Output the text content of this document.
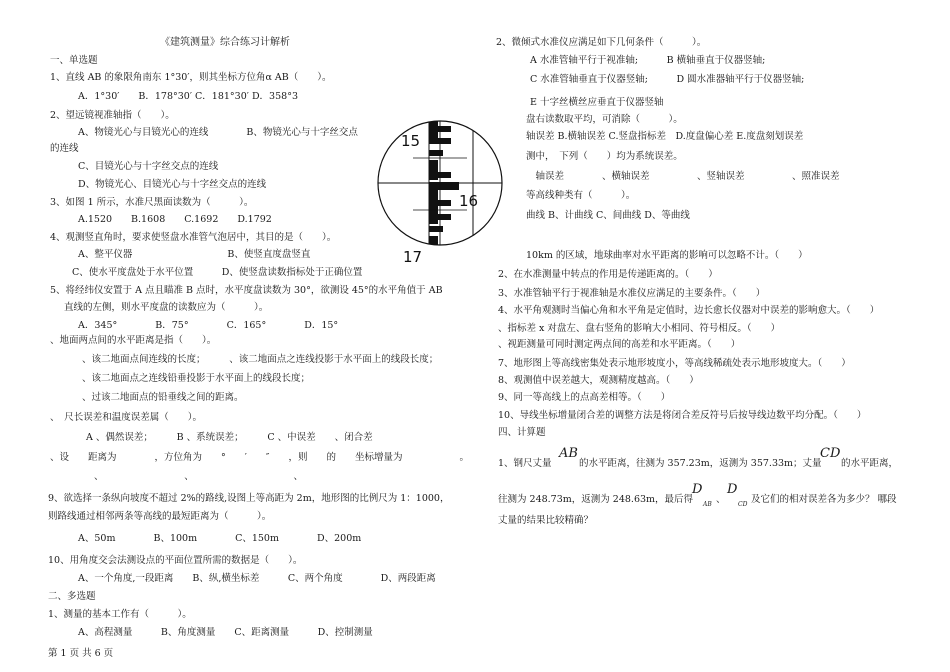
《建筑测量》综合练习计解析
一、单选题
1、直线 AB 的象限角南东 1°30′，则其坐标方位角α AB（　　）。
A．1°30′　　B．178°30′ C．181°30′ D．358°3
2、望远镜视准轴指（　　）。
A、物镜光心与目镜光心的连线　　　　B、物镜光心与十字丝交点
的连线
C、目镜光心与十字丝交点的连线
D、物镜光心、目镜光心与十字丝交点的连线
3、如图 1 所示，水准尺黑面读数为（　　　）。
A.1520　　B.1608　　C.1692　　D.1792
4、观测竖直角时，要求使竖盘水准管气泡居中，其目的是（　　）。
A、整平仪器　　　　　　　　　　B、使竖直度盘竖直
C、使水平度盘处于水平位置　　　D、使竖盘读数指标处于正确位置
5、将经纬仪安置于 A 点且瞄准 B 点时，水平度盘读数为 30°，欲测设 45°的水平角值于 AB
直线的左侧，则水平度盘的读数应为（　　　）。
A．345°　　　　B．75°　　　　C．165°　　　　D．15°
、地面两点间的水平距离是指（　　）。
、该二地面点间连线的长度；　　　、该二地面点之连线投影于水平面上的线段长度；
、该二地面点之连线铅垂投影于水平面上的线段长度；
、过该二地面点的铅垂线之间的距离。
、　尺长误差和温度误差属（　　）。
A 、偶然误差；　　　B 、系统误差；　　　C 、中误差　　、闭合差
、设　　距离为　　　　，方位角为　　°　　′　　″　　，则　　的　　坐标增量为　　　　　　。
、　　　　　　　　　、　　　　　　　　　　　、
9、欲选择一条纵向坡度不超过 2%的路线,设图上等高距为 2m，地形图的比例尺为 1：1000，
则路线通过相邻两条等高线的最短距离为（　　　）。
A、50m　　　　B、100m　　　　C、150m　　　　D、200m
10、用角度交会法测设点的平面位置所需的数据是（　　）。
A、一个角度,一段距离　　B、纵,横坐标差　　　C、两个角度　　　　D、两段距离
二、多选题
1、测量的基本工作有（　　　）。
A、高程测量　　　B、角度测量　　C、距离测量　　　D、控制测量
第 1 页 共 6 页
15
16
17
2、微倾式水准仪应满足如下几何条件（　　　）。
A 水准管轴平行于视准轴;　　　B 横轴垂直于仪器竖轴;
C 水准管轴垂直于仪器竖轴;　　　D 圆水准器轴平行于仪器竖轴;
E 十字丝横丝应垂直于仪器竖轴
盘右读数取平均，可消除（　　　）。
轴误差 B.横轴误差 C.竖盘指标差　D.度盘偏心差 E.度盘刻划误差
测中，　下列（　　）均为系统误差。
　轴误差　　　　、横轴误差　　　　　、竖轴误差　　　　　、照准误差
等高线种类有（　　　）。
曲线 B、计曲线 C、间曲线 D、等曲线
10km 的区域，地球曲率对水平距离的影响可以忽略不计。（　　）
2、在水准测量中转点的作用是传递距离的。（　　）
3、水准管轴平行于视准轴是水准仪应满足的主要条件。（　　）
4、水平角观测时当偏心角和水平角是定值时，边长愈长仪器对中误差的影响愈大。（　　）
、指标差 x 对盘左、盘右竖角的影响大小相同、符号相反。（　　）
、视距测量可同时测定两点间的高差和水平距离。（　　）
7、地形图上等高线密集处表示地形坡度小，等高线稀疏处表示地形坡度大。（　　）
8、观测值中误差越大，观测精度越高。（　　）
9、同一等高线上的点高差相等。（　　）
10、导线坐标增量闭合差的调整方法是将闭合差反符号后按导线边数平均分配。（　　）
四、计算题
1、钢尺丈量
AB
的水平距离，往测为 357.23m，返测为 357.33m；丈量
CD
的水平距离，
往测为 248.73m，返测为 248.63m，最后得
D
AB 、
D
CD 及它们的相对误差各为多少？ 哪段
丈量的结果比较精确？
